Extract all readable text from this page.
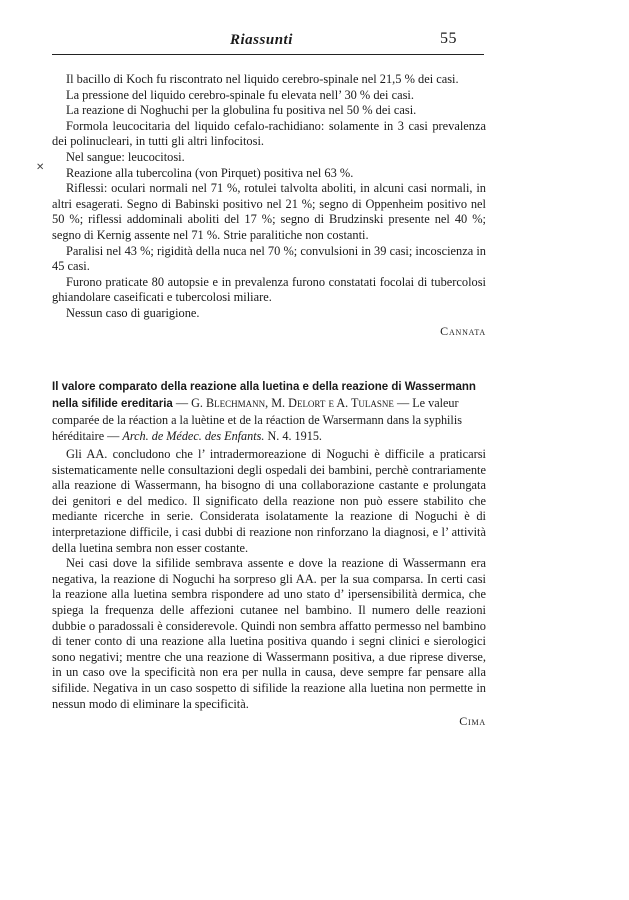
Riassunti	55
✕

Il bacillo di Koch fu riscontrato nel liquido cerebro-spinale nel 21,5 % dei casi.

La pressione del liquido cerebro-spinale fu elevata nell’ 30 % dei casi.

La reazione di Noghuchi per la globulina fu positiva nel 50 % dei casi.

Formola leucocitaria del liquido cefalo-rachidiano: solamente in 3 casi prevalenza dei polinucleari, in tutti gli altri linfocitosi.

Nel sangue: leucocitosi.

Reazione alla tubercolina (von Pirquet) positiva nel 63 %.

Riflessi: oculari normali nel 71 %, rotulei talvolta aboliti, in alcuni casi normali, in altri esagerati. Segno di Babinski positivo nel 21 %; segno di Oppenheim positivo nel 50 %; riflessi addominali aboliti del 17 %; segno di Brudzinski presente nel 40 %; segno di Kernig assente nel 71 %. Strie paralitiche non costanti.

Paralisi nel 43 %; rigidità della nuca nel 70 %; convulsioni in 39 casi; incoscienza in 45 casi.

Furono praticate 80 autopsie e in prevalenza furono constatati focolai di tubercolosi ghiandolare caseificati e tubercolosi miliare.

Nessun caso di guarigione.

Cannata

Il valore comparato della reazione alla luetina e della reazione di Wassermann nella sifilide ereditaria — G. Blechmann, M. Delort e A. Tulasne — Le valeur comparée de la réaction a la luètine et de la réaction de Warsermann dans la syphilis héréditaire — Arch. de Médec. des Enfants. N. 4. 1915.

Gli AA. concludono che l’ intradermoreazione di Noguchi è difficile a praticarsi sistematicamente nelle consultazioni degli ospedali dei bambini, perchè contrariamente alla reazione di Wassermann, ha bisogno di una collaborazione castante e prolungata dei genitori e del medico. Il significato della reazione non può essere stabilito che mediante ricerche in serie. Considerata isolatamente la reazione di Noguchi è di interpretazione difficile, i casi dubbi di reazione non rinforzano la diagnosi, e l’ attività della luetina sembra non esser costante.

Nei casi dove la sifilide sembrava assente e dove la reazione di Wassermann era negativa, la reazione di Noguchi ha sorpreso gli AA. per la sua comparsa. In certi casi la reazione alla luetina sembra rispondere ad uno stato d’ ipersensibilità dermica, che spiega la frequenza delle affezioni cutanee nel bambino. Il numero delle reazioni dubbie o paradossali è considerevole. Quindi non sembra affatto permesso nel bambino di tener conto di una reazione alla luetina positiva quando i segni clinici e sierologici sono negativi; mentre che una reazione di Wassermann positiva, a due riprese diverse, in un caso ove la specificità non era per nulla in causa, deve sempre far pensare alla sifilide. Negativa in un caso sospetto di sifilide la reazione alla luetina non permette in nessun modo di eliminare la specificità.

Cima
